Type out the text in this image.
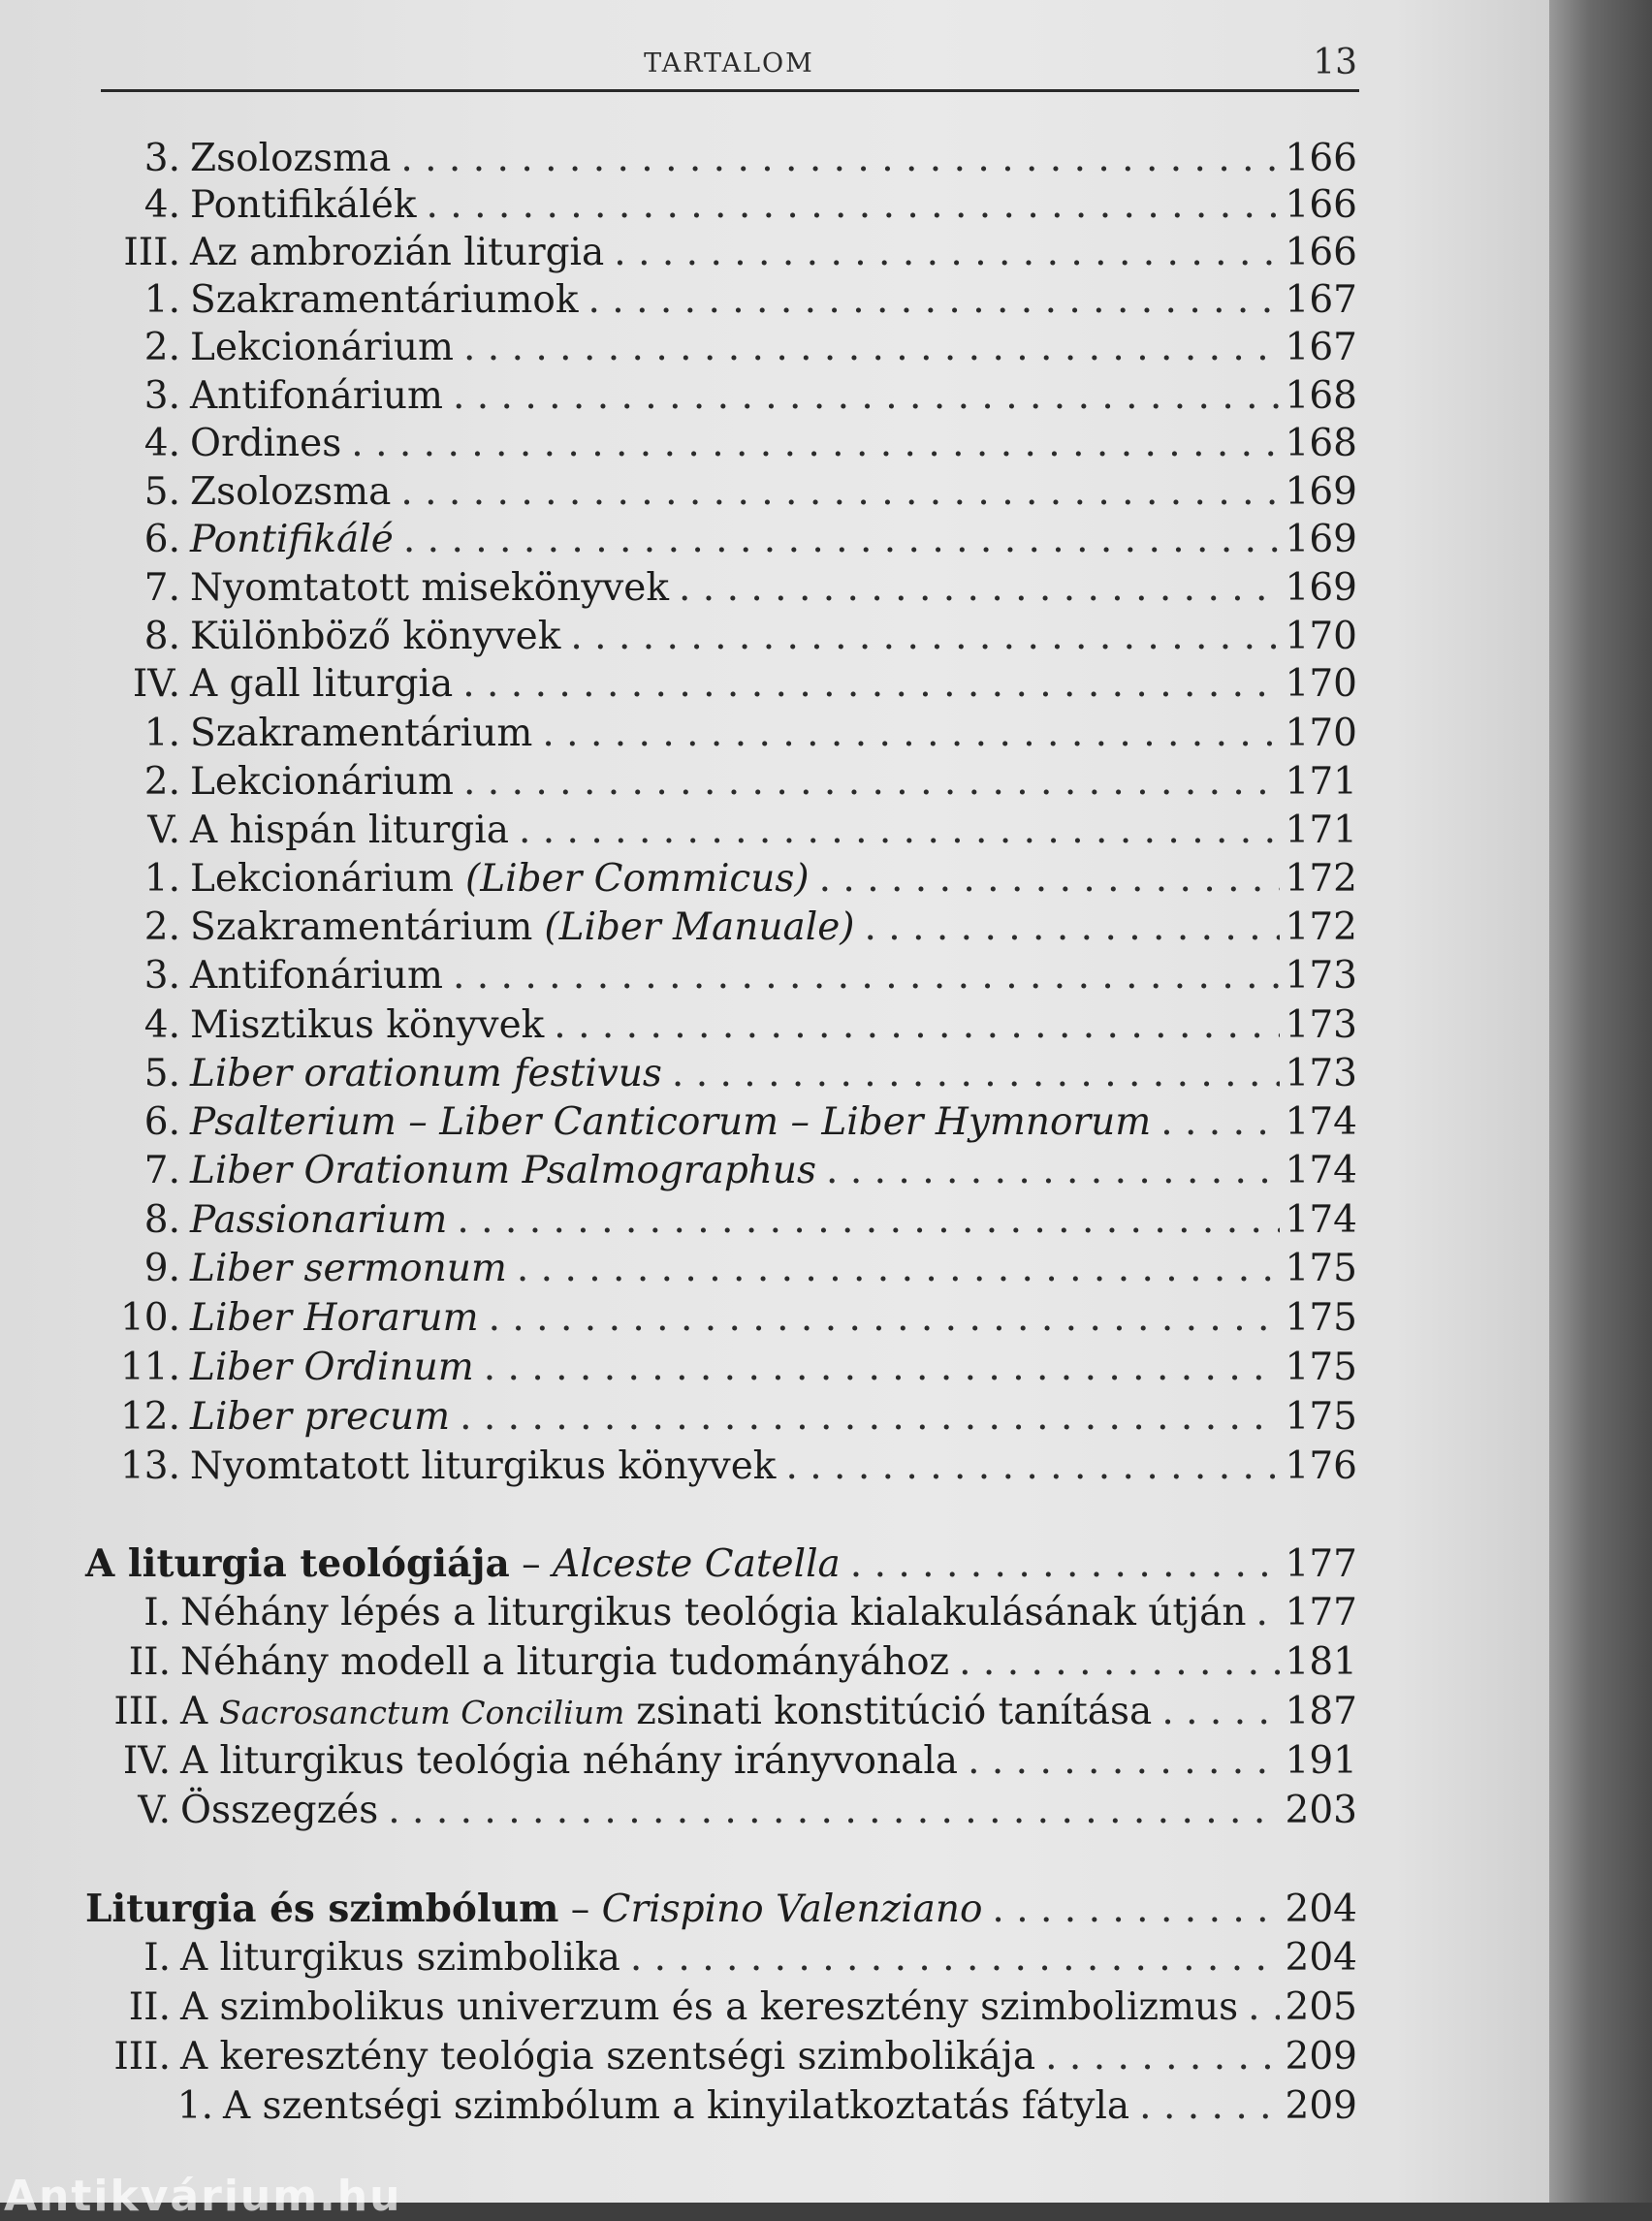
TARTALOM	13
3. Zsolozsma . . .	166
4. Pontifikálék . . .	166
III. Az ambrozián liturgia . . .	166
1. Szakramentáriumok . . .	167
2. Lekcionárium . . .	167
3. Antifonárium . . .	168
4. Ordines . . .	168
5. Zsolozsma . . .	169
6. Pontifikálé . . .	169
7. Nyomtatott misekönyvek . . .	169
8. Különböző könyvek . . .	170
IV. A gall liturgia . . .	170
1. Szakramentárium . . .	170
2. Lekcionárium . . .	171
V. A hispán liturgia . . .	171
1. Lekcionárium (Liber Commicus) . . .	172
2. Szakramentárium (Liber Manuale) . . .	172
3. Antifonárium . . .	173
4. Misztikus könyvek . . .	173
5. Liber orationum festivus . . .	173
6. Psalterium – Liber Canticorum – Liber Hymnorum . . .	174
7. Liber Orationum Psalmographus . . .	174
8. Passionarium . . .	174
9. Liber sermonum . . .	175
10. Liber Horarum . . .	175
11. Liber Ordinum . . .	175
12. Liber precum . . .	175
13. Nyomtatott liturgikus könyvek . . .	176
A liturgia teológiája – Alceste Catella . . .	177
I. Néhány lépés a liturgikus teológia kialakulásának útján . . . 177
II. Néhány modell a liturgia tudományához . . .	181
III. A Sacrosanctum Concilium zsinati konstitúció tanítása . . .	187
IV. A liturgikus teológia néhány irányvonala . . .	191
V. Összegzés . . .	203
Liturgia és szimbólum – Crispino Valenziano . . .	204
I. A liturgikus szimbolika . . .	204
II. A szimbolikus univerzum és a keresztény szimbolizmus . . . 205
III. A keresztény teológia szentségi szimbolikája . . .	209
1. A szentségi szimbólum a kinyilatkoztatás fátyla . . .	209
Antikvárium.hu
